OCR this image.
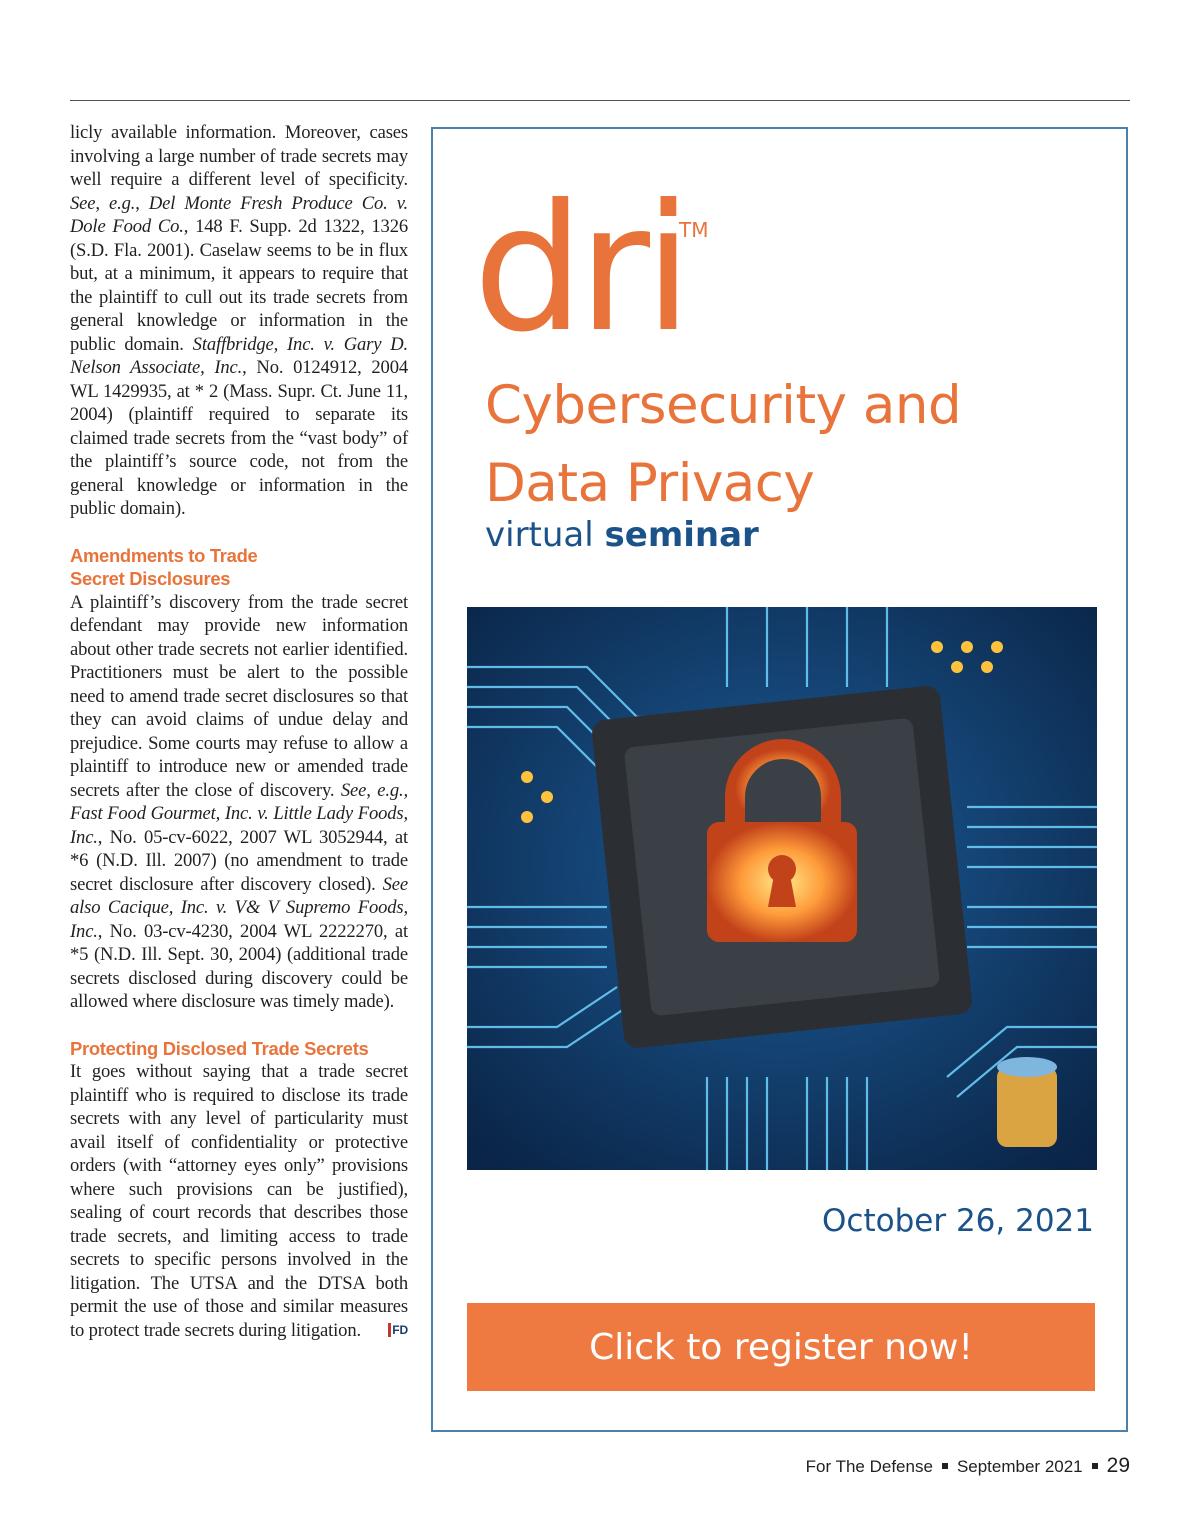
licly available information. Moreover, cases involving a large number of trade secrets may well require a different level of specificity. See, e.g., Del Monte Fresh Produce Co. v. Dole Food Co., 148 F. Supp. 2d 1322, 1326 (S.D. Fla. 2001). Caselaw seems to be in flux but, at a minimum, it appears to require that the plaintiff to cull out its trade secrets from general knowledge or information in the public domain. Staffbridge, Inc. v. Gary D. Nelson Associate, Inc., No. 0124912, 2004 WL 1429935, at * 2 (Mass. Supr. Ct. June 11, 2004) (plaintiff required to separate its claimed trade secrets from the “vast body” of the plaintiff’s source code, not from the general knowledge or information in the public domain).

Amendments to Trade
Secret Disclosures

A plaintiff’s discovery from the trade secret defendant may provide new information about other trade secrets not earlier identified. Practitioners must be alert to the possible need to amend trade secret disclosures so that they can avoid claims of undue delay and prejudice. Some courts may refuse to allow a plaintiff to introduce new or amended trade secrets after the close of discovery. See, e.g., Fast Food Gourmet, Inc. v. Little Lady Foods, Inc., No. 05-cv-6022, 2007 WL 3052944, at *6 (N.D. Ill. 2007) (no amendment to trade secret disclosure after discovery closed). See also Cacique, Inc. v. V& V Supremo Foods, Inc., No. 03-cv-4230, 2004 WL 2222270, at *5 (N.D. Ill. Sept. 30, 2004) (additional trade secrets disclosed during discovery could be allowed where disclosure was timely made).

Protecting Disclosed Trade Secrets

It goes without saying that a trade secret plaintiff who is required to disclose its trade secrets with any level of particularity must avail itself of confidentiality or protective orders (with “attorney eyes only” provisions where such provisions can be justified), sealing of court records that describes those trade secrets, and limiting access to trade secrets to specific persons involved in the litigation. The UTSA and the DTSA both permit the use of those and similar measures to protect trade secrets during litigation.	FD

dri
TM
Cybersecurity and
Data Privacy
virtual seminar
October 26, 2021
Click to register now!
For The Defense September 2021 29
